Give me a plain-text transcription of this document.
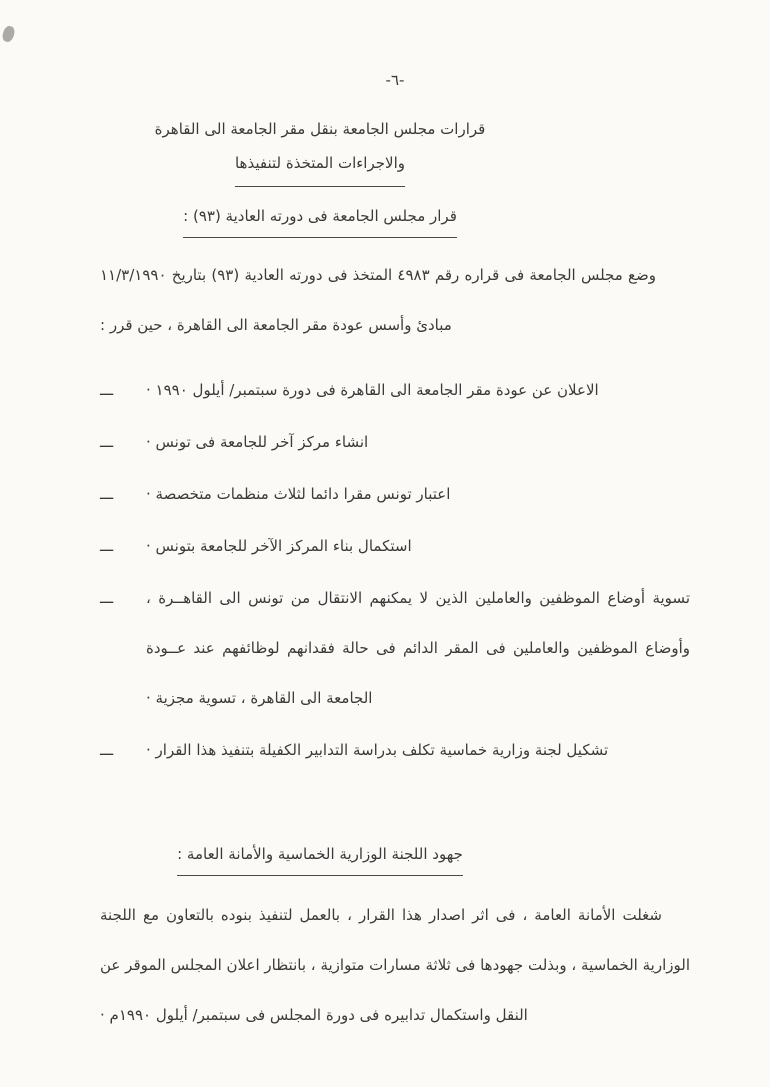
-٦-
قرارات مجلس الجامعة بنقل مقر الجامعة الى القاهرة
والاجراءات المتخذة لتنفيذها
قرار مجلس الجامعة فى دورته العادية (٩٣) :

وضع مجلس الجامعة فى قراره رقم ٤٩٨٣ المتخذ فى دورته العادية (٩٣) بتاريخ ١١/٣/١٩٩٠ مبادئ وأسس عودة مقر الجامعة الى القاهرة ، حين قرر :

ـــ	الاعلان عن عودة مقر الجامعة الى القاهرة فى دورة سبتمبر/ أيلول ١٩٩٠ ·
ـــ	انشاء مركز آخر للجامعة فى تونس ·
ـــ	اعتبار تونس مقرا دائما لثلاث منظمات متخصصة ·
ـــ	استكمال بناء المركز الآخر للجامعة بتونس ·
ـــ	تسوية أوضاع الموظفين والعاملين الذين لا يمكنهم الانتقال من تونس الى القاهــرة ، وأوضاع الموظفين والعاملين فى المقر الدائم فى حالة فقدانهم لوظائفهم عند عــودة الجامعة الى القاهرة ، تسوية مجزية ·
ـــ	تشكيل لجنة وزارية خماسية تكلف بدراسة التدابير الكفيلة بتنفيذ هذا القرار ·
جهود اللجنة الوزارية الخماسية والأمانة العامة :

شغلت الأمانة العامة ، فى اثر اصدار هذا القرار ، بالعمل لتنفيذ بنوده بالتعاون مع اللجنة الوزارية الخماسية ، وبذلت جهودها فى ثلاثة مسارات متوازية ، بانتظار اعلان المجلس الموقر عن النقل واستكمال تدابيره فى دورة المجلس فى سبتمبر/ أيلول ١٩٩٠م ·
